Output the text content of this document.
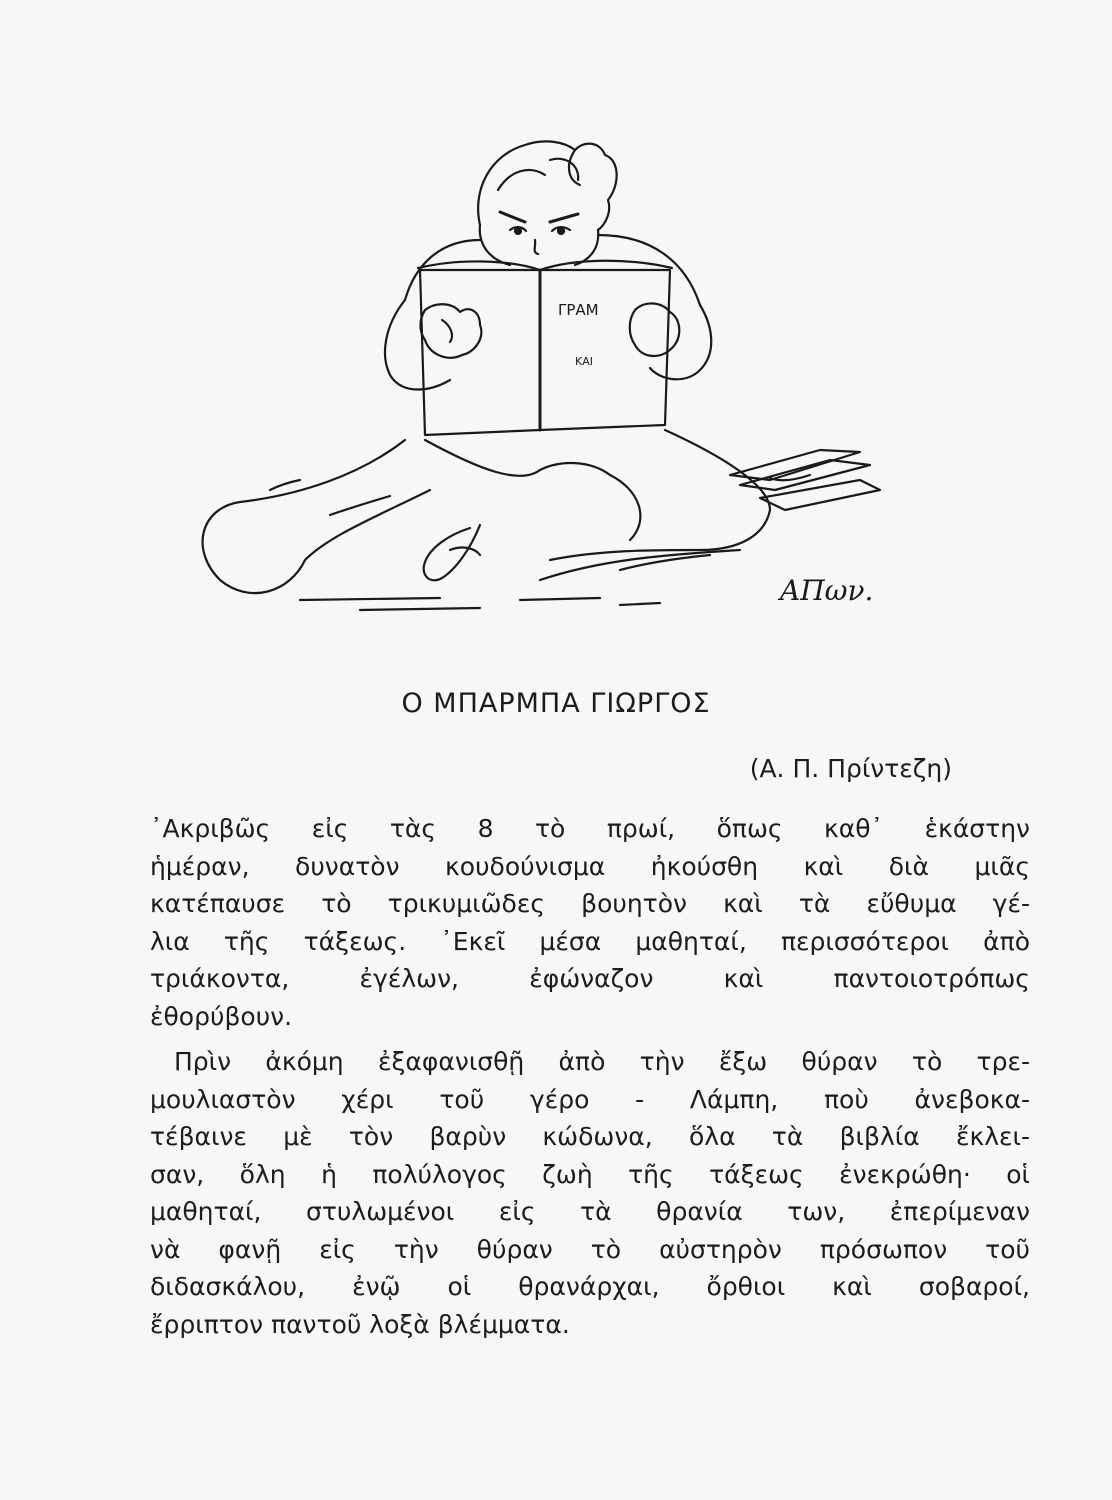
ΓΡΑΜ
ΚΑΙ
ΑΠων.
Ο ΜΠΑΡΜΠΑ ΓΙΩΡΓΟΣ
(Α. Π. Πρίντεζη)
᾿Ακριβῶς εἰς τὰς 8 τὸ πρωί, ὅπως καθ᾿ ἑκάστην
ἡμέραν, δυνατὸν κουδούνισμα ἠκούσθη καὶ διὰ μιᾶς
κατέπαυσε τὸ τρικυμιῶδες βουητὸν καὶ τὰ εὔθυμα γέ-
λια τῆς τάξεως. ᾿Εκεῖ μέσα μαθηταί, περισσότεροι ἀπὸ
τριάκοντα, ἐγέλων, ἐφώναζον καὶ παντοιοτρόπως
ἐθορύβουν.
Πρὶν ἀκόμη ἐξαφανισθῇ ἀπὸ τὴν ἔξω θύραν τὸ τρε-
μουλιαστὸν χέρι τοῦ γέρο - Λάμπη, ποὺ ἀνεβοκα-
τέβαινε μὲ τὸν βαρὺν κώδωνα, ὅλα τὰ βιβλία ἔκλει-
σαν, ὅλη ἡ πολύλογος ζωὴ τῆς τάξεως ἐνεκρώθη· οἱ
μαθηταί, στυλωμένοι εἰς τὰ θρανία των, ἐπερίμεναν
νὰ φανῇ εἰς τὴν θύραν τὸ αὐστηρὸν πρόσωπον τοῦ
διδασκάλου, ἐνῷ οἱ θρανάρχαι, ὄρθιοι καὶ σοβαροί,
ἔρριπτον παντοῦ λοξὰ βλέμματα.
